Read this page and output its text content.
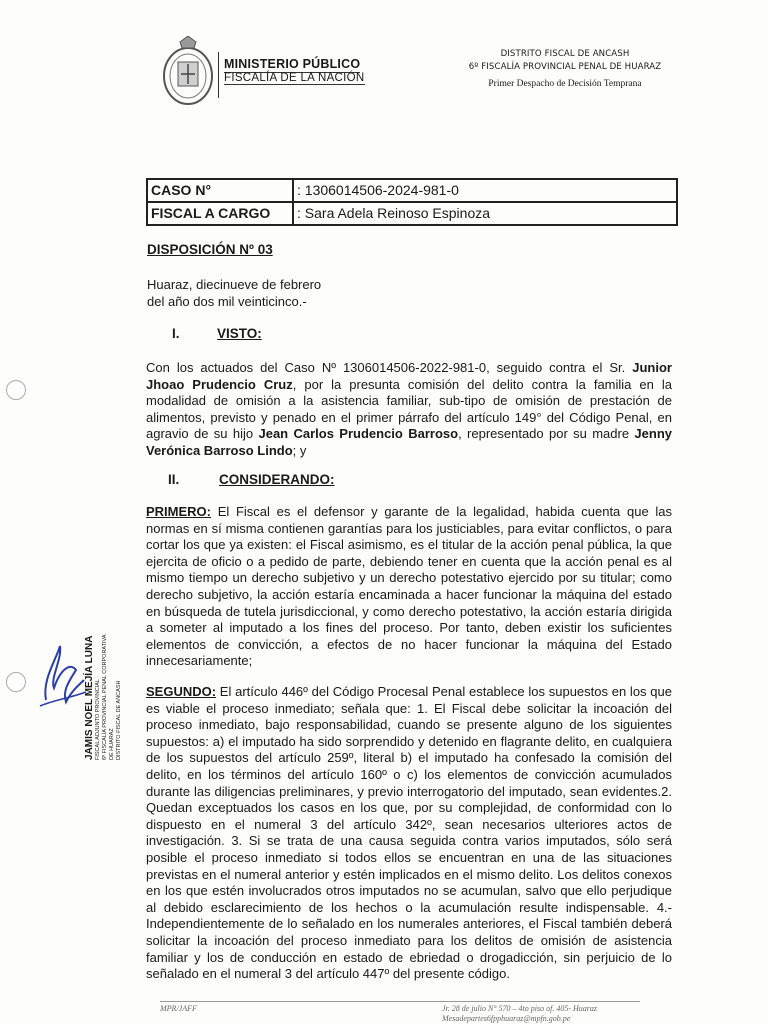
MINISTERIO PÚBLICO
FISCALÍA DE LA NACIÓN
DISTRITO FISCAL DE ANCASH
6º FISCALÍA PROVINCIAL PENAL DE HUARAZ
Primer Despacho de Decisión Temprana
CASO N°	: 1306014506-2024-981-0
FISCAL A CARGO	: Sara Adela Reinoso Espinoza
DISPOSICIÓN Nº 03
Huaraz, diecinueve de febrero
del año dos mil veinticinco.-
I.	VISTO:
Con los actuados del Caso Nº 1306014506-2022-981-0, seguido contra el Sr. Junior Jhoao Prudencio Cruz, por la presunta comisión del delito contra la familia en la modalidad de omisión a la asistencia familiar, sub-tipo de omisión de prestación de alimentos, previsto y penado en el primer párrafo del artículo 149° del Código Penal, en agravio de su hijo Jean Carlos Prudencio Barroso, representado por su madre Jenny Verónica Barroso Lindo; y
II.	CONSIDERANDO:
PRIMERO: El Fiscal es el defensor y garante de la legalidad, habida cuenta que las normas en sí misma contienen garantías para los justiciables, para evitar conflictos, o para cortar los que ya existen: el Fiscal asimismo, es el titular de la acción penal pública, la que ejercita de oficio o a pedido de parte, debiendo tener en cuenta que la acción penal es al mismo tiempo un derecho subjetivo y un derecho potestativo ejercido por su titular; como derecho subjetivo, la acción estaría encaminada a hacer funcionar la máquina del estado en búsqueda de tutela jurisdiccional, y como derecho potestativo, la acción estaría dirigida a someter al imputado a los fines del proceso. Por tanto, deben existir los suficientes elementos de convicción, a efectos de no hacer funcionar la máquina del Estado innecesariamente;
SEGUNDO: El artículo 446º del Código Procesal Penal establece los supuestos en los que es viable el proceso inmediato; señala que: 1. El Fiscal debe solicitar la incoación del proceso inmediato, bajo responsabilidad, cuando se presente alguno de los siguientes supuestos: a) el imputado ha sido sorprendido y detenido en flagrante delito, en cualquiera de los supuestos del artículo 259º, literal b) el imputado ha confesado la comisión del delito, en los términos del artículo 160º o c) los elementos de convicción acumulados durante las diligencias preliminares, y previo interrogatorio del imputado, sean evidentes.2. Quedan exceptuados los casos en los que, por su complejidad, de conformidad con lo dispuesto en el numeral 3 del artículo 342º, sean necesarios ulteriores actos de investigación. 3. Si se trata de una causa seguida contra varios imputados, sólo será posible el proceso inmediato si todos ellos se encuentran en una de las situaciones previstas en el numeral anterior y estén implicados en el mismo delito. Los delitos conexos en los que estén involucrados otros imputados no se acumulan, salvo que ello perjudique al debido esclarecimiento de los hechos o la acumulación resulte indispensable. 4.- Independientemente de lo señalado en los numerales anteriores, el Fiscal también deberá solicitar la incoación del proceso inmediato para los delitos de omisión de asistencia familiar y los de conducción en estado de ebriedad o drogadicción, sin perjuicio de lo señalado en el numeral 3 del artículo 447º del presente código.
JAMIS NOEL MEJÍA LUNA FISCAL ADJUNTO PROVINCIAL 6º FISCALÍA PROVINCIAL PENAL CORPORATIVA DE HUARAZ DISTRITO FISCAL DE ANCASH
MPR/JAFF	Jr. 28 de julio N° 570 – 4to piso of. 405- Huaraz
Mesadepartes6fpphuaraz@mpfn.gob.pe
